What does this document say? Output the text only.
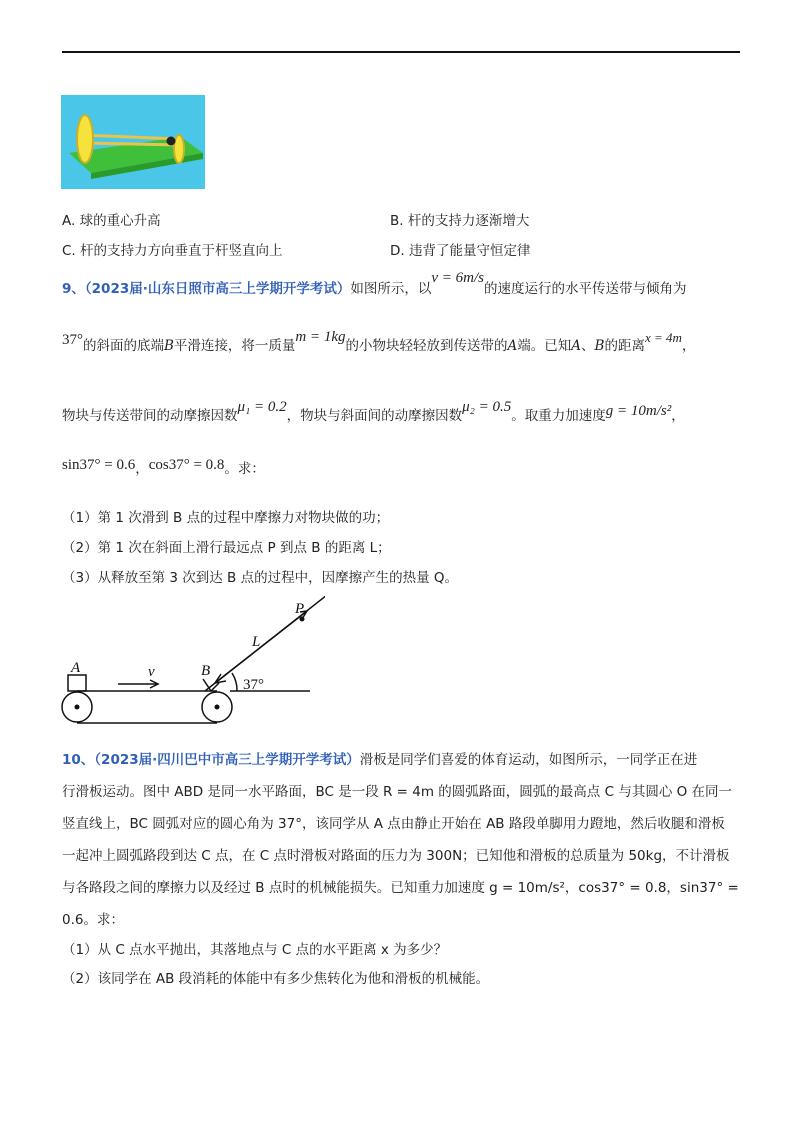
A. 球的重心升高	B. 杆的支持力逐渐增大
C. 杆的支持力方向垂直于杆竖直向上	D. 违背了能量守恒定律
9、（2023届·山东日照市高三上学期开学考试）如图所示，以v = 6m/s的速度运行的水平传送带与倾角为
37°的斜面的底端B平滑连接，将一质量m = 1kg的小物块轻轻放到传送带的A端。已知A、B的距离x = 4m，
物块与传送带间的动摩擦因数μ₁ = 0.2，物块与斜面间的动摩擦因数μ₂ = 0.5。取重力加速度g = 10m/s²，
sin37° = 0.6，cos37° = 0.8。求：
（1）第 1 次滑到 B 点的过程中摩擦力对物块做的功；
（2）第 1 次在斜面上滑行最远点 P 到点 B 的距离 L；
（3）从释放至第 3 次到达 B 点的过程中，因摩擦产生的热量 Q。
A	v	B
L
P
37°
10、（2023届·四川巴中市高三上学期开学考试）滑板是同学们喜爱的体育运动，如图所示，一同学正在进
行滑板运动。图中 ABD 是同一水平路面，BC 是一段 R = 4m 的圆弧路面，圆弧的最高点 C 与其圆心 O 在同一
竖直线上，BC 圆弧对应的圆心角为 37°，该同学从 A 点由静止开始在 AB 路段单脚用力蹬地，然后收腿和滑板
一起冲上圆弧路段到达 C 点，在 C 点时滑板对路面的压力为 300N；已知他和滑板的总质量为 50kg，不计滑板
与各路段之间的摩擦力以及经过 B 点时的机械能损失。已知重力加速度 g = 10m/s²，cos37° = 0.8，sin37° =
0.6。求：
（1）从 C 点水平抛出，其落地点与 C 点的水平距离 x 为多少？
（2）该同学在 AB 段消耗的体能中有多少焦转化为他和滑板的机械能。
